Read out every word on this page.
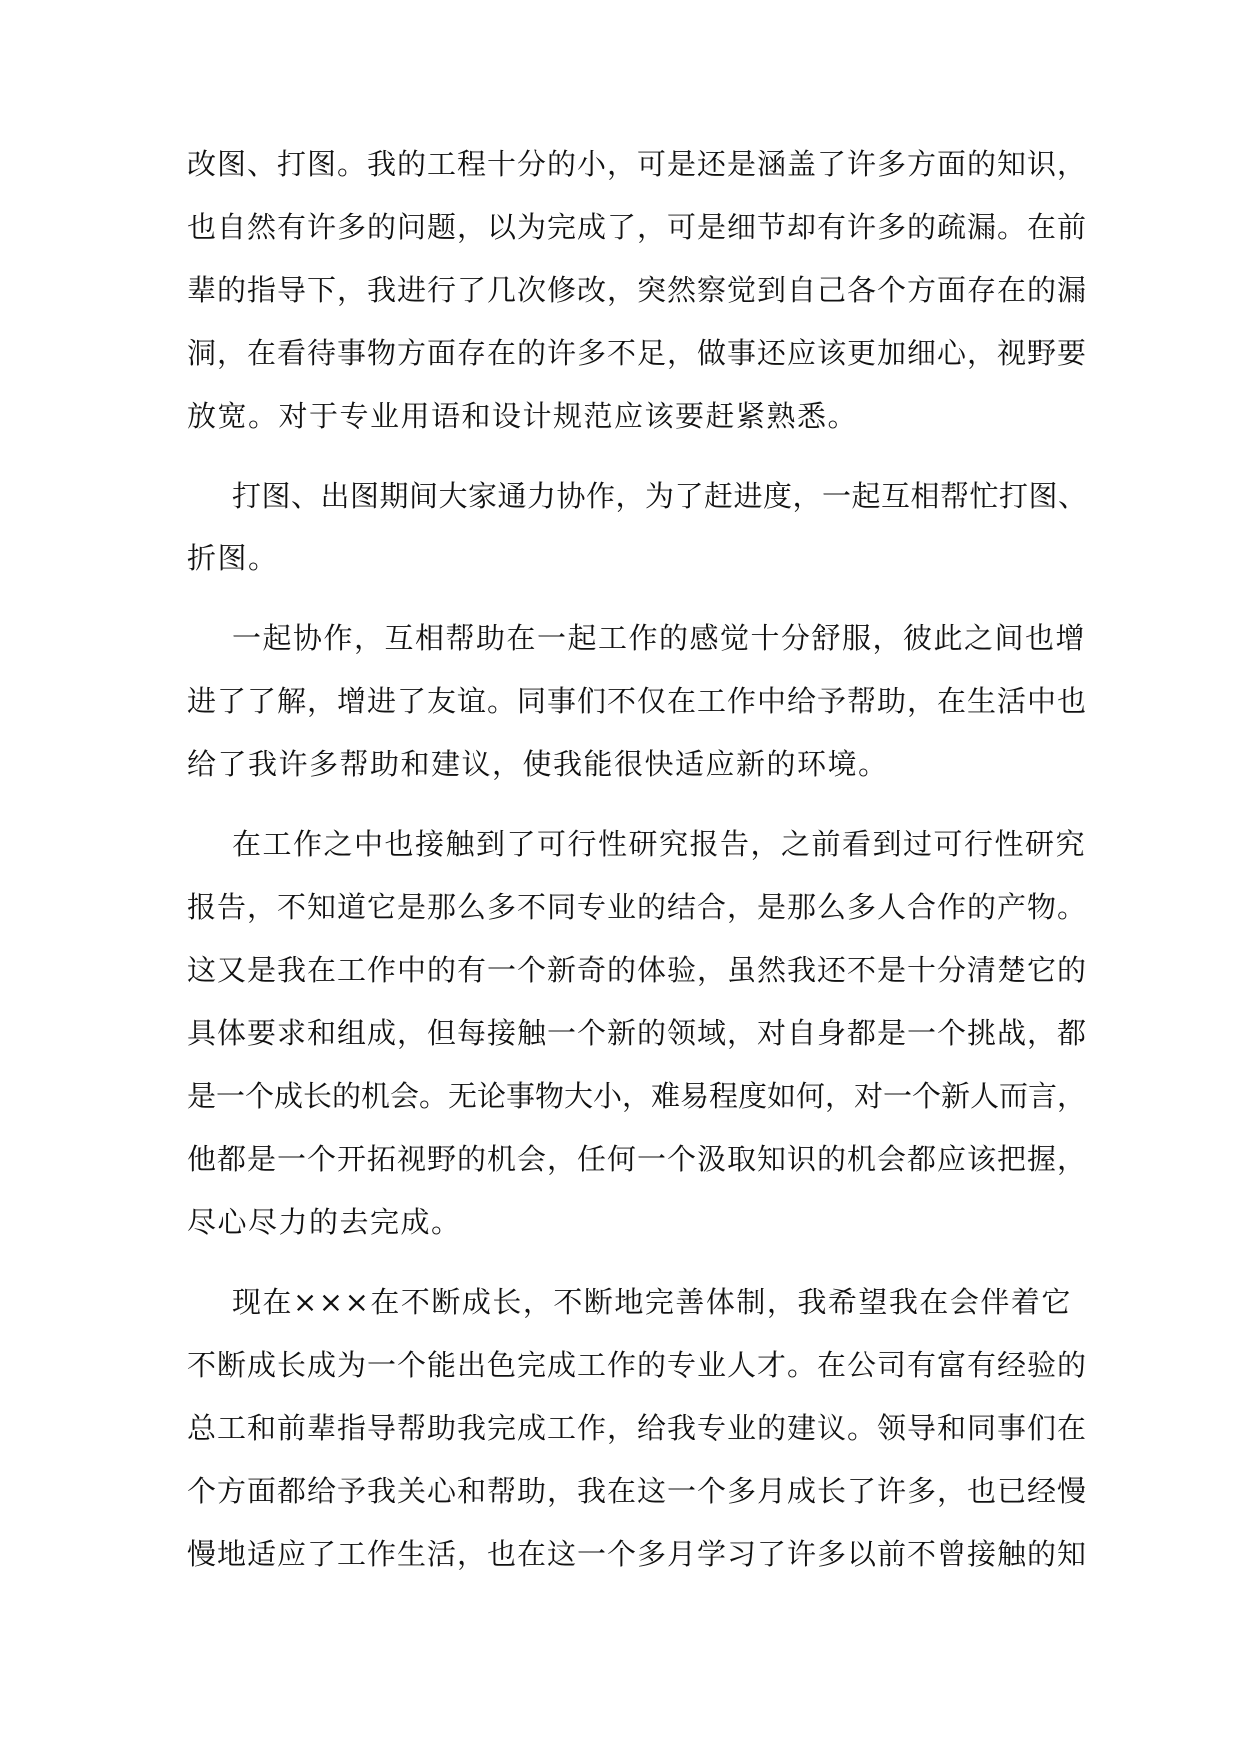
改图、打图。我的工程十分的小，可是还是涵盖了许多方面的知识，
也自然有许多的问题，以为完成了，可是细节却有许多的疏漏。在前
辈的指导下，我进行了几次修改，突然察觉到自己各个方面存在的漏
洞，在看待事物方面存在的许多不足，做事还应该更加细心，视野要
放宽。对于专业用语和设计规范应该要赶紧熟悉。
打图、出图期间大家通力协作，为了赶进度，一起互相帮忙打图、
折图。
一起协作，互相帮助在一起工作的感觉十分舒服，彼此之间也增
进了了解，增进了友谊。同事们不仅在工作中给予帮助，在生活中也
给了我许多帮助和建议，使我能很快适应新的环境。
在工作之中也接触到了可行性研究报告，之前看到过可行性研究
报告，不知道它是那么多不同专业的结合，是那么多人合作的产物。
这又是我在工作中的有一个新奇的体验，虽然我还不是十分清楚它的
具体要求和组成，但每接触一个新的领域，对自身都是一个挑战，都
是一个成长的机会。无论事物大小，难易程度如何，对一个新人而言，
他都是一个开拓视野的机会，任何一个汲取知识的机会都应该把握，
尽心尽力的去完成。
现在×××在不断成长，不断地完善体制，我希望我在会伴着它
不断成长成为一个能出色完成工作的专业人才。在公司有富有经验的
总工和前辈指导帮助我完成工作，给我专业的建议。领导和同事们在
个方面都给予我关心和帮助，我在这一个多月成长了许多，也已经慢
慢地适应了工作生活，也在这一个多月学习了许多以前不曾接触的知
